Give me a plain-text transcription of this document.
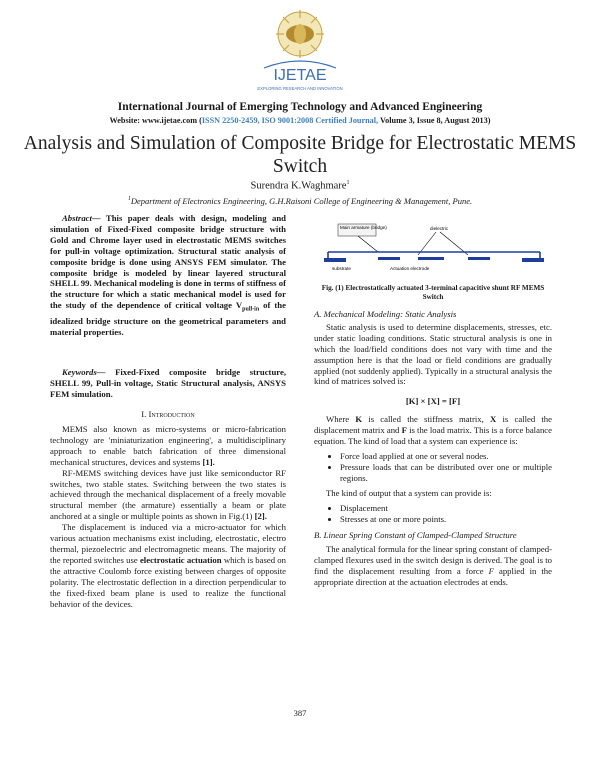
IJETAE
EXPLORING RESEARCH AND INNOVATION
International Journal of Emerging Technology and Advanced Engineering
Website: www.ijetae.com (ISSN 2250-2459, ISO 9001:2008 Certified Journal, Volume 3, Issue 8, August 2013)
Analysis and Simulation of Composite Bridge for Electrostatic MEMS Switch
Surendra K.Waghmare$^1$
$^1$Department of Electronics Engineering, G.H.Raisoni College of Engineering & Management, Pune.

Abstract— This paper deals with design, modeling and simulation of Fixed-Fixed composite bridge structure with Gold and Chrome layer used in electrostatic MEMS switches for pull-in voltage optimization. Structural static analysis of composite bridge is done using ANSYS FEM simulator. The composite bridge is modeled by linear layered structural SHELL 99. Mechanical modeling is done in terms of stiffness of the structure for which a static mechanical model is used for the study of the dependence of critical voltage $V_{pull-in}$ of the idealized bridge structure on the geometrical parameters and material properties.

Keywords— Fixed-Fixed composite bridge structure, SHELL 99, Pull-in voltage, Static Structural analysis, ANSYS FEM simulation.

I. Introduction

MEMS also known as micro-systems or micro-fabrication technology are 'miniaturization engineering', a multidisciplinary approach to enable batch fabrication of three dimensional mechanical structures, devices and systems [1].

RF-MEMS switching devices have just like semiconductor RF switches, two stable states. Switching between the two states is achieved through the mechanical displacement of a freely movable structural member (the armature) essentially a beam or plate anchored at a single or multiple points as shown in Fig.(1) [2].

The displacement is induced via a micro-actuator for which various actuation mechanisms exist including, electrostatic, electro thermal, piezoelectric and electromagnetic means. The majority of the reported switches use electrostatic actuation which is based on the attractive Coulomb force existing between charges of opposite polarity. The electrostatic deflection in a direction perpendicular to the fixed-fixed beam plane is used to realize the functional behavior of the devices.

Main armature (bridge)	dielectric
substrate	Actuation electrode
Fig. (1) Electrostatically actuated 3-terminal capacitive shunt RF MEMS Switch

A. Mechanical Modeling: Static Analysis

Static analysis is used to determine displacements, stresses, etc. under static loading conditions. Static structural analysis is one in which the load/field conditions does not vary with time and the assumption here is that the load or field conditions are gradually applied (not suddenly applied). Typically in a structural analysis the kind of matrices solved is:

[K] × [X] = [F]

Where K is called the stiffness matrix, X is called the displacement matrix and F is the load matrix. This is a force balance equation. The kind of load that a system can experience is:

• Force load applied at one or several nodes.
• Pressure loads that can be distributed over one or multiple regions.

The kind of output that a system can provide is:

• Displacement
• Stresses at one or more points.

B. Linear Spring Constant of Clamped-Clamped Structure

The analytical formula for the linear spring constant of clamped-clamped flexures used in the switch design is derived. The goal is to find the displacement resulting from a force F applied in the appropriate direction at the actuation electrodes at ends.

387
